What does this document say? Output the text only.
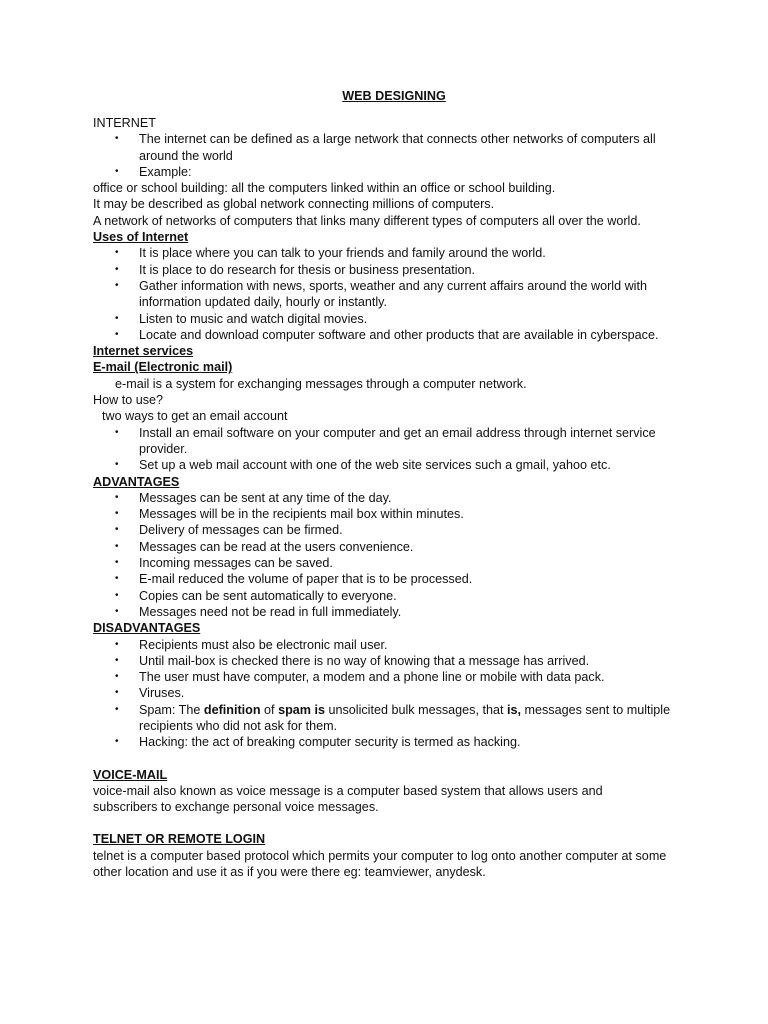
WEB DESIGNING

INTERNET

• The internet can be defined as a large network that connects other networks of computers all around the world
• Example:

office or school building: all the computers linked within an office or school building.

It may be described as global network connecting millions of computers.

A network of networks of computers that links many different types of computers all over the world.

Uses of Internet

• It is place where you can talk to your friends and family around the world.
• It is place to do research for thesis or business presentation.
• Gather information with news, sports, weather and any current affairs around the world with information updated daily, hourly or instantly.
• Listen to music and watch digital movies.
• Locate and download computer software and other products that are available in cyberspace.

Internet services

E-mail (Electronic mail)

e-mail is a system for exchanging messages through a computer network.

How to use?

two ways to get an email account

• Install an email software on your computer and get an email address through internet service provider.
• Set up a web mail account with one of the web site services such a gmail, yahoo etc.

ADVANTAGES

• Messages can be sent at any time of the day.
• Messages will be in the recipients mail box within minutes.
• Delivery of messages can be firmed.
• Messages can be read at the users convenience.
• Incoming messages can be saved.
• E-mail reduced the volume of paper that is to be processed.
• Copies can be sent automatically to everyone.
• Messages need not be read in full immediately.

DISADVANTAGES

• Recipients must also be electronic mail user.
• Until mail-box is checked there is no way of knowing that a message has arrived.
• The user must have computer, a modem and a phone line or mobile with data pack.
• Viruses.
• Spam: The definition of spam is unsolicited bulk messages, that is, messages sent to multiple recipients who did not ask for them.
• Hacking: the act of breaking computer security is termed as hacking.

VOICE-MAIL

voice-mail also known as voice message is a computer based system that allows users and subscribers to exchange personal voice messages.

TELNET OR REMOTE LOGIN

telnet is a computer based protocol which permits your computer to log onto another computer at some other location and use it as if you were there eg: teamviewer, anydesk.
